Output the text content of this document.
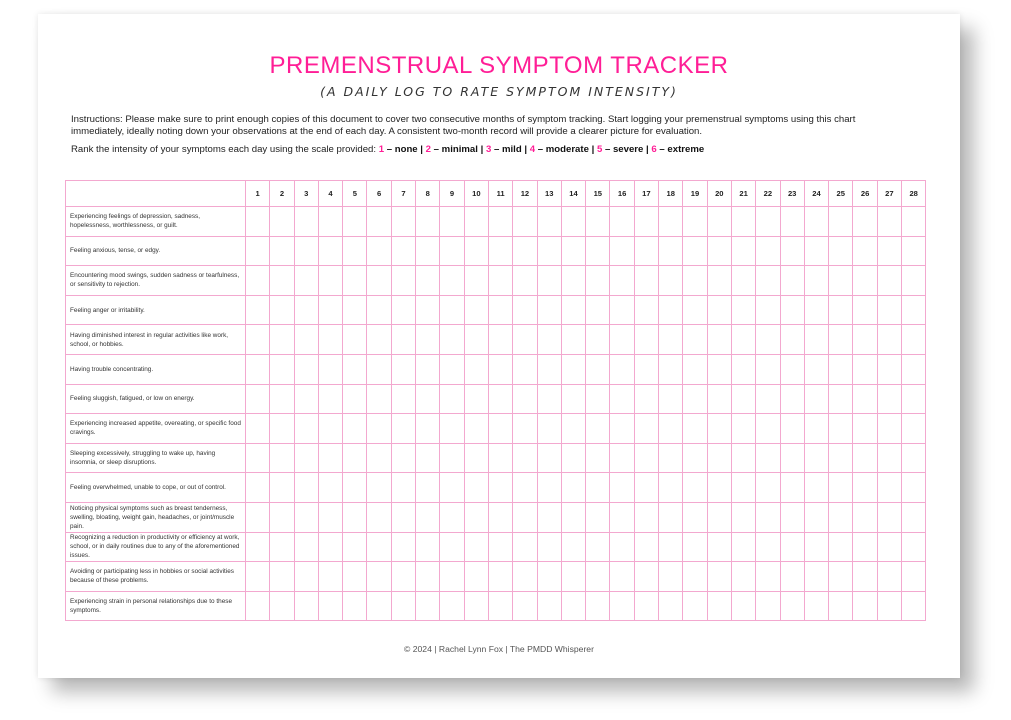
PREMENSTRUAL SYMPTOM TRACKER
(A DAILY LOG TO RATE SYMPTOM INTENSITY)
Instructions: Please make sure to print enough copies of this document to cover two consecutive months of symptom tracking. Start logging your premenstrual symptoms using this chart immediately, ideally noting down your observations at the end of each day. A consistent two-month record will provide a clearer picture for evaluation.
Rank the intensity of your symptoms each day using the scale provided: 1 – none | 2 – minimal | 3 – mild | 4 – moderate | 5 – severe | 6 – extreme
	1	2	3	4	5	6	7	8	9	10	11	12	13	14	15	16	17	18	19	20	21	22	23	24	25	26	27	28
Experiencing feelings of depression, sadness, hopelessness, worthlessness, or guilt.																												
Feeling anxious, tense, or edgy.																												
Encountering mood swings, sudden sadness or tearfulness, or sensitivity to rejection.																												
Feeling anger or irritability.																												
Having diminished interest in regular activities like work, school, or hobbies.																												
Having trouble concentrating.																												
Feeling sluggish, fatigued, or low on energy.																												
Experiencing increased appetite, overeating, or specific food cravings.																												
Sleeping excessively, struggling to wake up, having insomnia, or sleep disruptions.																												
Feeling overwhelmed, unable to cope, or out of control.																												
Noticing physical symptoms such as breast tenderness, swelling, bloating, weight gain, headaches, or joint/muscle pain.																												
Recognizing a reduction in productivity or efficiency at work, school, or in daily routines due to any of the aforementioned issues.																												
Avoiding or participating less in hobbies or social activities because of these problems.																												
Experiencing strain in personal relationships due to these symptoms.																												
© 2024 | Rachel Lynn Fox | The PMDD Whisperer
